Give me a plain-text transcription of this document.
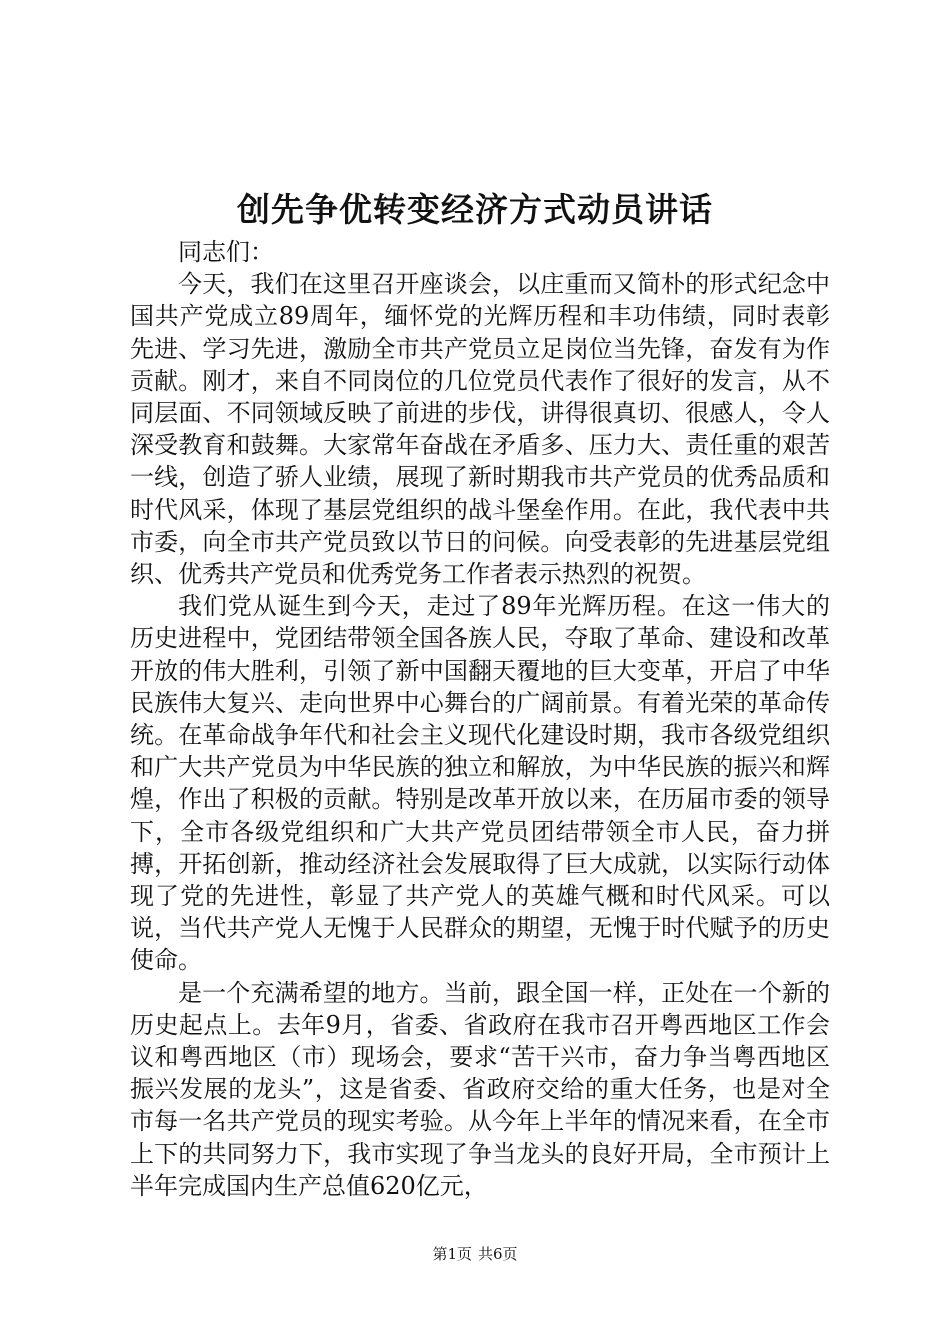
创先争优转变经济方式动员讲话

同志们：

今天，我们在这里召开座谈会，以庄重而又简朴的形式纪念中国共产党成立89周年，缅怀党的光辉历程和丰功伟绩，同时表彰先进、学习先进，激励全市共产党员立足岗位当先锋，奋发有为作贡献。刚才，来自不同岗位的几位党员代表作了很好的发言，从不同层面、不同领域反映了前进的步伐，讲得很真切、很感人，令人深受教育和鼓舞。大家常年奋战在矛盾多、压力大、责任重的艰苦一线，创造了骄人业绩，展现了新时期我市共产党员的优秀品质和时代风采，体现了基层党组织的战斗堡垒作用。在此，我代表中共市委，向全市共产党员致以节日的问候。向受表彰的先进基层党组织、优秀共产党员和优秀党务工作者表示热烈的祝贺。

我们党从诞生到今天，走过了89年光辉历程。在这一伟大的历史进程中，党团结带领全国各族人民，夺取了革命、建设和改革开放的伟大胜利，引领了新中国翻天覆地的巨大变革，开启了中华民族伟大复兴、走向世界中心舞台的广阔前景。有着光荣的革命传统。在革命战争年代和社会主义现代化建设时期，我市各级党组织和广大共产党员为中华民族的独立和解放，为中华民族的振兴和辉煌，作出了积极的贡献。特别是改革开放以来，在历届市委的领导下，全市各级党组织和广大共产党员团结带领全市人民，奋力拼搏，开拓创新，推动经济社会发展取得了巨大成就，以实际行动体现了党的先进性，彰显了共产党人的英雄气概和时代风采。可以说，当代共产党人无愧于人民群众的期望，无愧于时代赋予的历史使命。

是一个充满希望的地方。当前，跟全国一样，正处在一个新的历史起点上。去年9月，省委、省政府在我市召开粤西地区工作会议和粤西地区（市）现场会，要求“苦干兴市，奋力争当粤西地区振兴发展的龙头”，这是省委、省政府交给的重大任务，也是对全市每一名共产党员的现实考验。从今年上半年的情况来看，在全市上下的共同努力下，我市实现了争当龙头的良好开局，全市预计上半年完成国内生产总值620亿元，

第1页 共6页
